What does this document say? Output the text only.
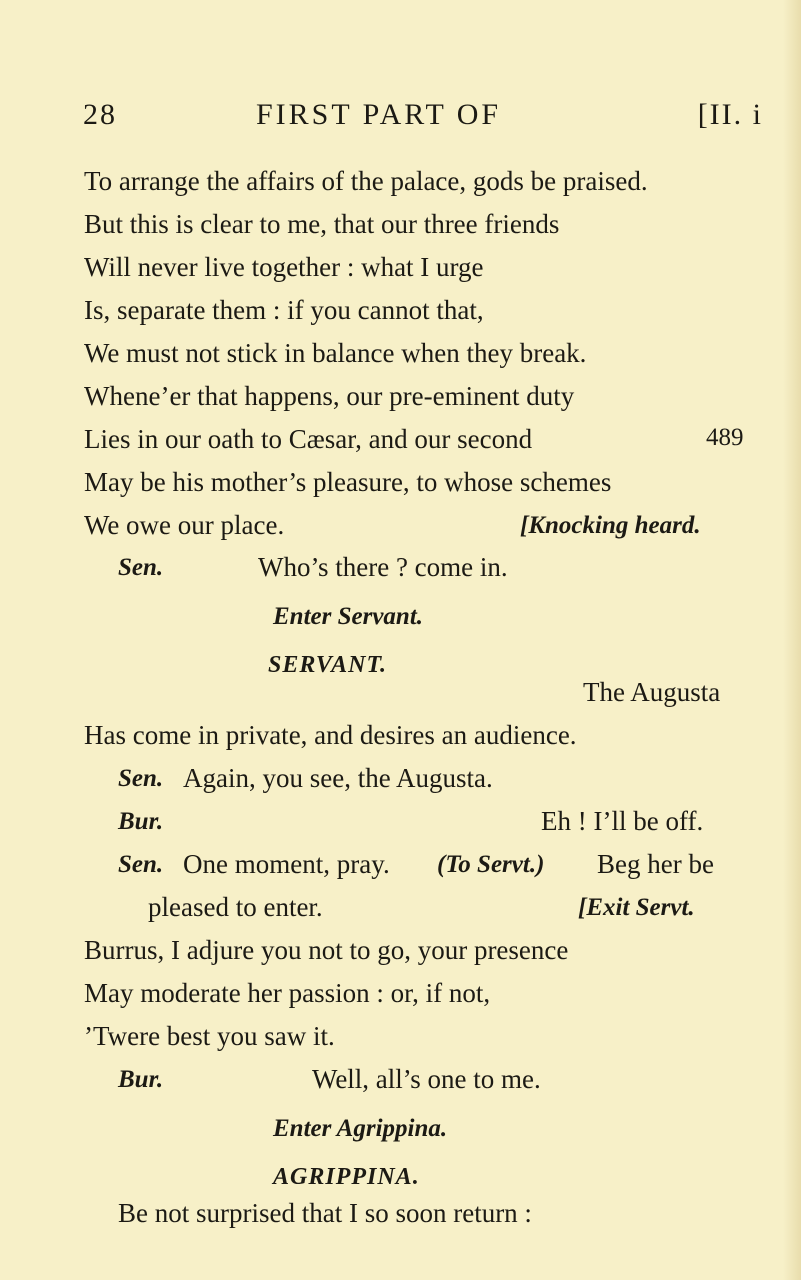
28	FIRST PART OF	[II. i
To arrange the affairs of the palace, gods be praised.
But this is clear to me, that our three friends
Will never live together : what I urge
Is, separate them : if you cannot that,
We must not stick in balance when they break.
Whene’er that happens, our pre-eminent duty
Lies in our oath to Cæsar, and our second	489
May be his mother’s pleasure, to whose schemes
We owe our place.	[Knocking heard.
Sen.	Who’s there ? come in.
Enter Servant.
SERVANT.
The Augusta
Has come in private, and desires an audience.
Sen. Again, you see, the Augusta.
Bur.	Eh ! I’ll be off.
Sen. One moment, pray. (To Servt.) Beg her be
pleased to enter.	[Exit Servt.
Burrus, I adjure you not to go, your presence
May moderate her passion : or, if not,
’Twere best you saw it.
Bur.	Well, all’s one to me.
Enter Agrippina.
AGRIPPINA.
Be not surprised that I so soon return :
